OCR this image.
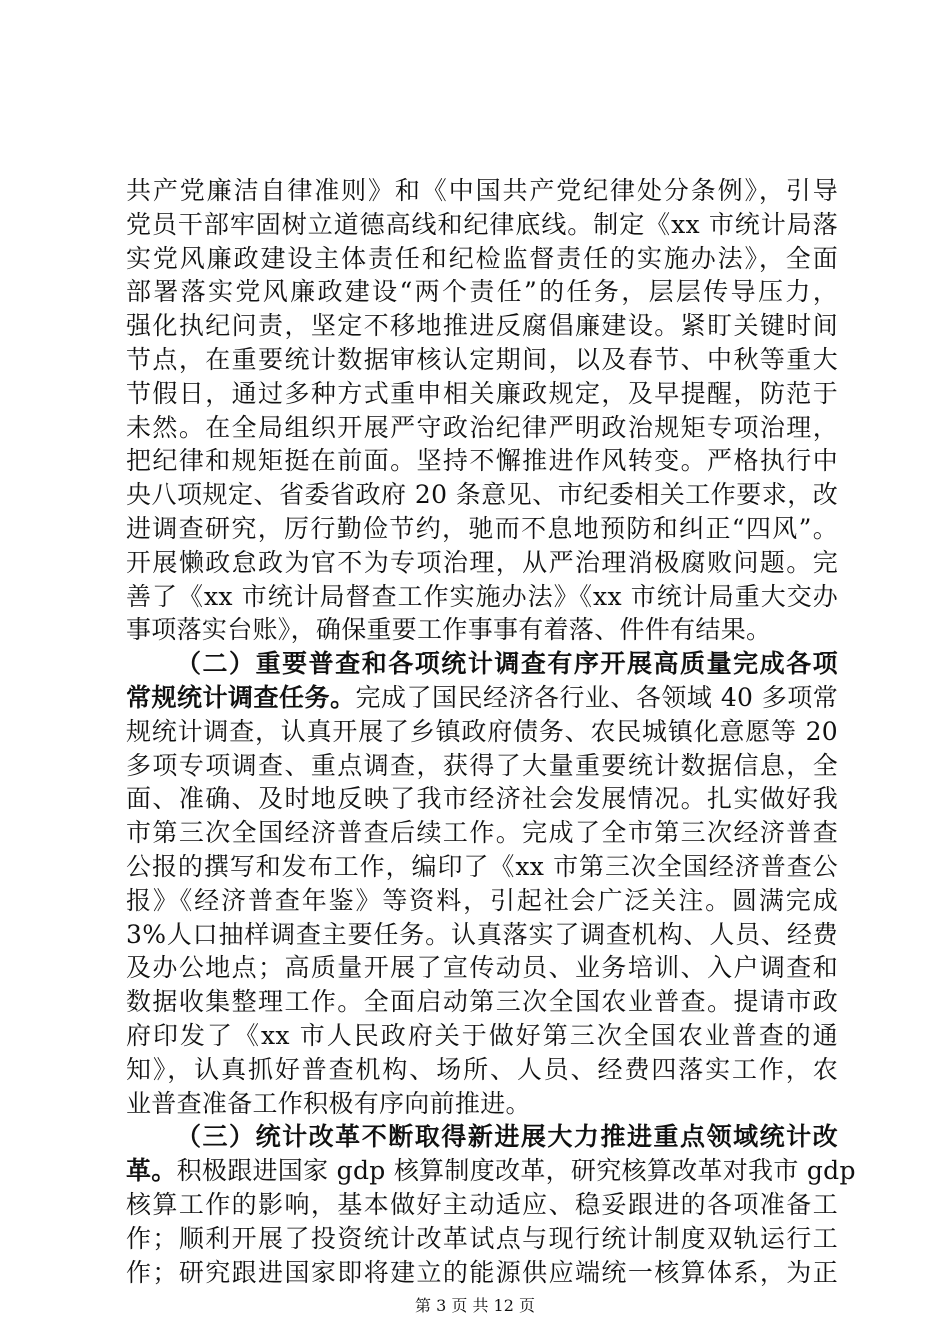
共产党廉洁自律准则》和《中国共产党纪律处分条例》，引导
党员干部牢固树立道德高线和纪律底线。制定《xx 市统计局落
实党风廉政建设主体责任和纪检监督责任的实施办法》，全面
部署落实党风廉政建设“两个责任”的任务，层层传导压力，
强化执纪问责，坚定不移地推进反腐倡廉建设。紧盯关键时间
节点，在重要统计数据审核认定期间，以及春节、中秋等重大
节假日，通过多种方式重申相关廉政规定，及早提醒，防范于
未然。在全局组织开展严守政治纪律严明政治规矩专项治理，
把纪律和规矩挺在前面。坚持不懈推进作风转变。严格执行中
央八项规定、省委省政府 20 条意见、市纪委相关工作要求，改
进调查研究，厉行勤俭节约，驰而不息地预防和纠正“四风”。
开展懒政怠政为官不为专项治理，从严治理消极腐败问题。完
善了《xx 市统计局督查工作实施办法》《xx 市统计局重大交办
事项落实台账》，确保重要工作事事有着落、件件有结果。
（二）重要普查和各项统计调查有序开展高质量完成各项
常规统计调查任务。完成了国民经济各行业、各领域 40 多项常
规统计调查，认真开展了乡镇政府债务、农民城镇化意愿等 20
多项专项调查、重点调查，获得了大量重要统计数据信息，全
面、准确、及时地反映了我市经济社会发展情况。扎实做好我
市第三次全国经济普查后续工作。完成了全市第三次经济普查
公报的撰写和发布工作，编印了《xx 市第三次全国经济普查公
报》《经济普查年鉴》等资料，引起社会广泛关注。圆满完成
3%人口抽样调查主要任务。认真落实了调查机构、人员、经费
及办公地点；高质量开展了宣传动员、业务培训、入户调查和
数据收集整理工作。全面启动第三次全国农业普查。提请市政
府印发了《xx 市人民政府关于做好第三次全国农业普查的通
知》，认真抓好普查机构、场所、人员、经费四落实工作，农
业普查准备工作积极有序向前推进。
（三）统计改革不断取得新进展大力推进重点领域统计改
革。积极跟进国家 gdp 核算制度改革，研究核算改革对我市 gdp
核算工作的影响，基本做好主动适应、稳妥跟进的各项准备工
作；顺利开展了投资统计改革试点与现行统计制度双轨运行工
作；研究跟进国家即将建立的能源供应端统一核算体系，为正
第 3 页 共 12 页
